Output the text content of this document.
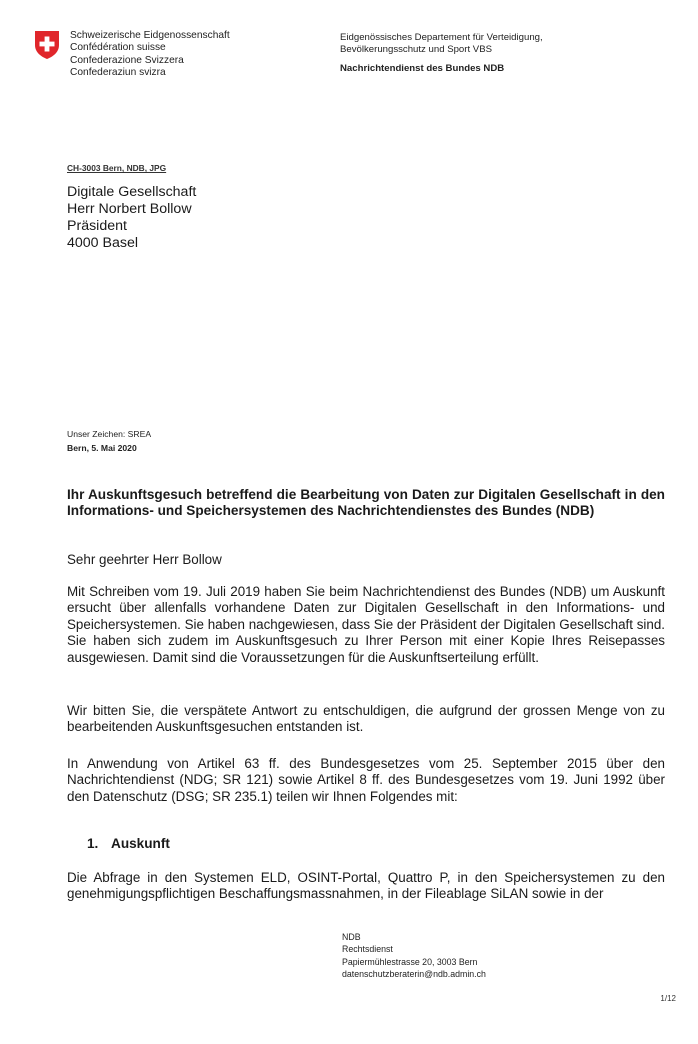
Schweizerische Eidgenossenschaft
Confédération suisse
Confederazione Svizzera
Confederaziun svizra
Eidgenössisches Departement für Verteidigung,
Bevölkerungsschutz und Sport VBS
Nachrichtendienst des Bundes NDB
CH-3003 Bern, NDB, JPG
Digitale Gesellschaft
Herr Norbert Bollow
Präsident
4000 Basel
Unser Zeichen: SREA
Bern, 5. Mai 2020
Ihr Auskunftsgesuch betreffend die Bearbeitung von Daten zur Digitalen Gesellschaft in den Informations- und Speichersystemen des Nachrichtendienstes des Bundes (NDB)
Sehr geehrter Herr Bollow
Mit Schreiben vom 19. Juli 2019 haben Sie beim Nachrichtendienst des Bundes (NDB) um Auskunft ersucht über allenfalls vorhandene Daten zur Digitalen Gesellschaft in den Informations- und Speichersystemen. Sie haben nachgewiesen, dass Sie der Präsident der Digitalen Gesellschaft sind. Sie haben sich zudem im Auskunftsgesuch zu Ihrer Person mit einer Kopie Ihres Reisepasses ausgewiesen. Damit sind die Voraussetzungen für die Auskunftserteilung erfüllt.
Wir bitten Sie, die verspätete Antwort zu entschuldigen, die aufgrund der grossen Menge von zu bearbeitenden Auskunftsgesuchen entstanden ist.
In Anwendung von Artikel 63 ff. des Bundesgesetzes vom 25. September 2015 über den Nachrichtendienst (NDG; SR 121) sowie Artikel 8 ff. des Bundesgesetzes vom 19. Juni 1992 über den Datenschutz (DSG; SR 235.1) teilen wir Ihnen Folgendes mit:
1. Auskunft
Die Abfrage in den Systemen ELD, OSINT-Portal, Quattro P, in den Speichersystemen zu den genehmigungspflichtigen Beschaffungsmassnahmen, in der Fileablage SiLAN sowie in der
NDB
Rechtsdienst
Papiermühlestrasse 20, 3003 Bern
datenschutzberaterin@ndb.admin.ch
1/12
